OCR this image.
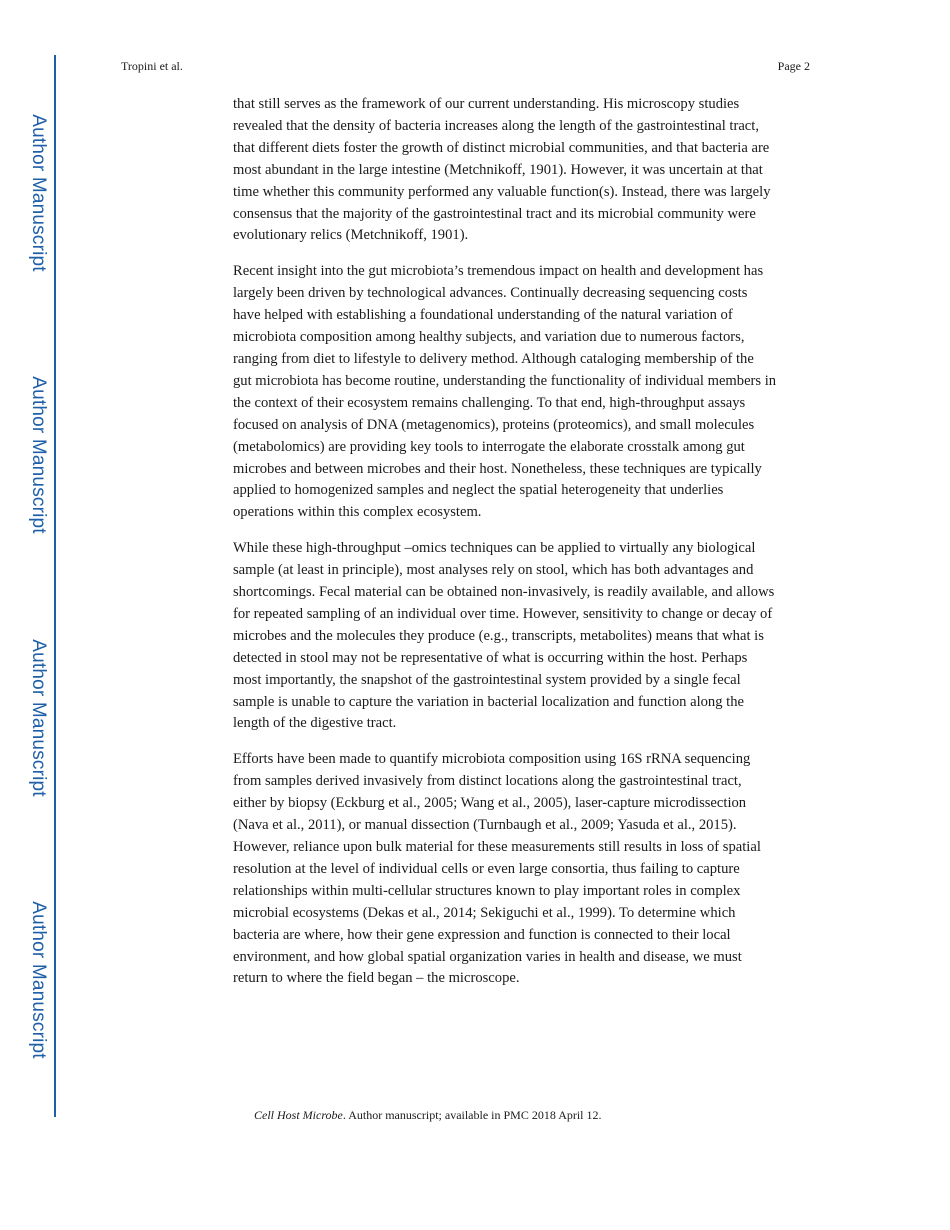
Author Manuscript
Author Manuscript
Author Manuscript
Author Manuscript
Tropini et al.	Page 2

that still serves as the framework of our current understanding. His microscopy studies
revealed that the density of bacteria increases along the length of the gastrointestinal tract,
that different diets foster the growth of distinct microbial communities, and that bacteria are
most abundant in the large intestine (Metchnikoff, 1901). However, it was uncertain at that
time whether this community performed any valuable function(s). Instead, there was largely
consensus that the majority of the gastrointestinal tract and its microbial community were
evolutionary relics (Metchnikoff, 1901).

Recent insight into the gut microbiota’s tremendous impact on health and development has
largely been driven by technological advances. Continually decreasing sequencing costs
have helped with establishing a foundational understanding of the natural variation of
microbiota composition among healthy subjects, and variation due to numerous factors,
ranging from diet to lifestyle to delivery method. Although cataloging membership of the
gut microbiota has become routine, understanding the functionality of individual members in
the context of their ecosystem remains challenging. To that end, high-throughput assays
focused on analysis of DNA (metagenomics), proteins (proteomics), and small molecules
(metabolomics) are providing key tools to interrogate the elaborate crosstalk among gut
microbes and between microbes and their host. Nonetheless, these techniques are typically
applied to homogenized samples and neglect the spatial heterogeneity that underlies
operations within this complex ecosystem.

While these high-throughput –omics techniques can be applied to virtually any biological
sample (at least in principle), most analyses rely on stool, which has both advantages and
shortcomings. Fecal material can be obtained non-invasively, is readily available, and allows
for repeated sampling of an individual over time. However, sensitivity to change or decay of
microbes and the molecules they produce (e.g., transcripts, metabolites) means that what is
detected in stool may not be representative of what is occurring within the host. Perhaps
most importantly, the snapshot of the gastrointestinal system provided by a single fecal
sample is unable to capture the variation in bacterial localization and function along the
length of the digestive tract.

Efforts have been made to quantify microbiota composition using 16S rRNA sequencing
from samples derived invasively from distinct locations along the gastrointestinal tract,
either by biopsy (Eckburg et al., 2005; Wang et al., 2005), laser-capture microdissection
(Nava et al., 2011), or manual dissection (Turnbaugh et al., 2009; Yasuda et al., 2015).
However, reliance upon bulk material for these measurements still results in loss of spatial
resolution at the level of individual cells or even large consortia, thus failing to capture
relationships within multi-cellular structures known to play important roles in complex
microbial ecosystems (Dekas et al., 2014; Sekiguchi et al., 1999). To determine which
bacteria are where, how their gene expression and function is connected to their local
environment, and how global spatial organization varies in health and disease, we must
return to where the field began – the microscope.

Cell Host Microbe. Author manuscript; available in PMC 2018 April 12.
